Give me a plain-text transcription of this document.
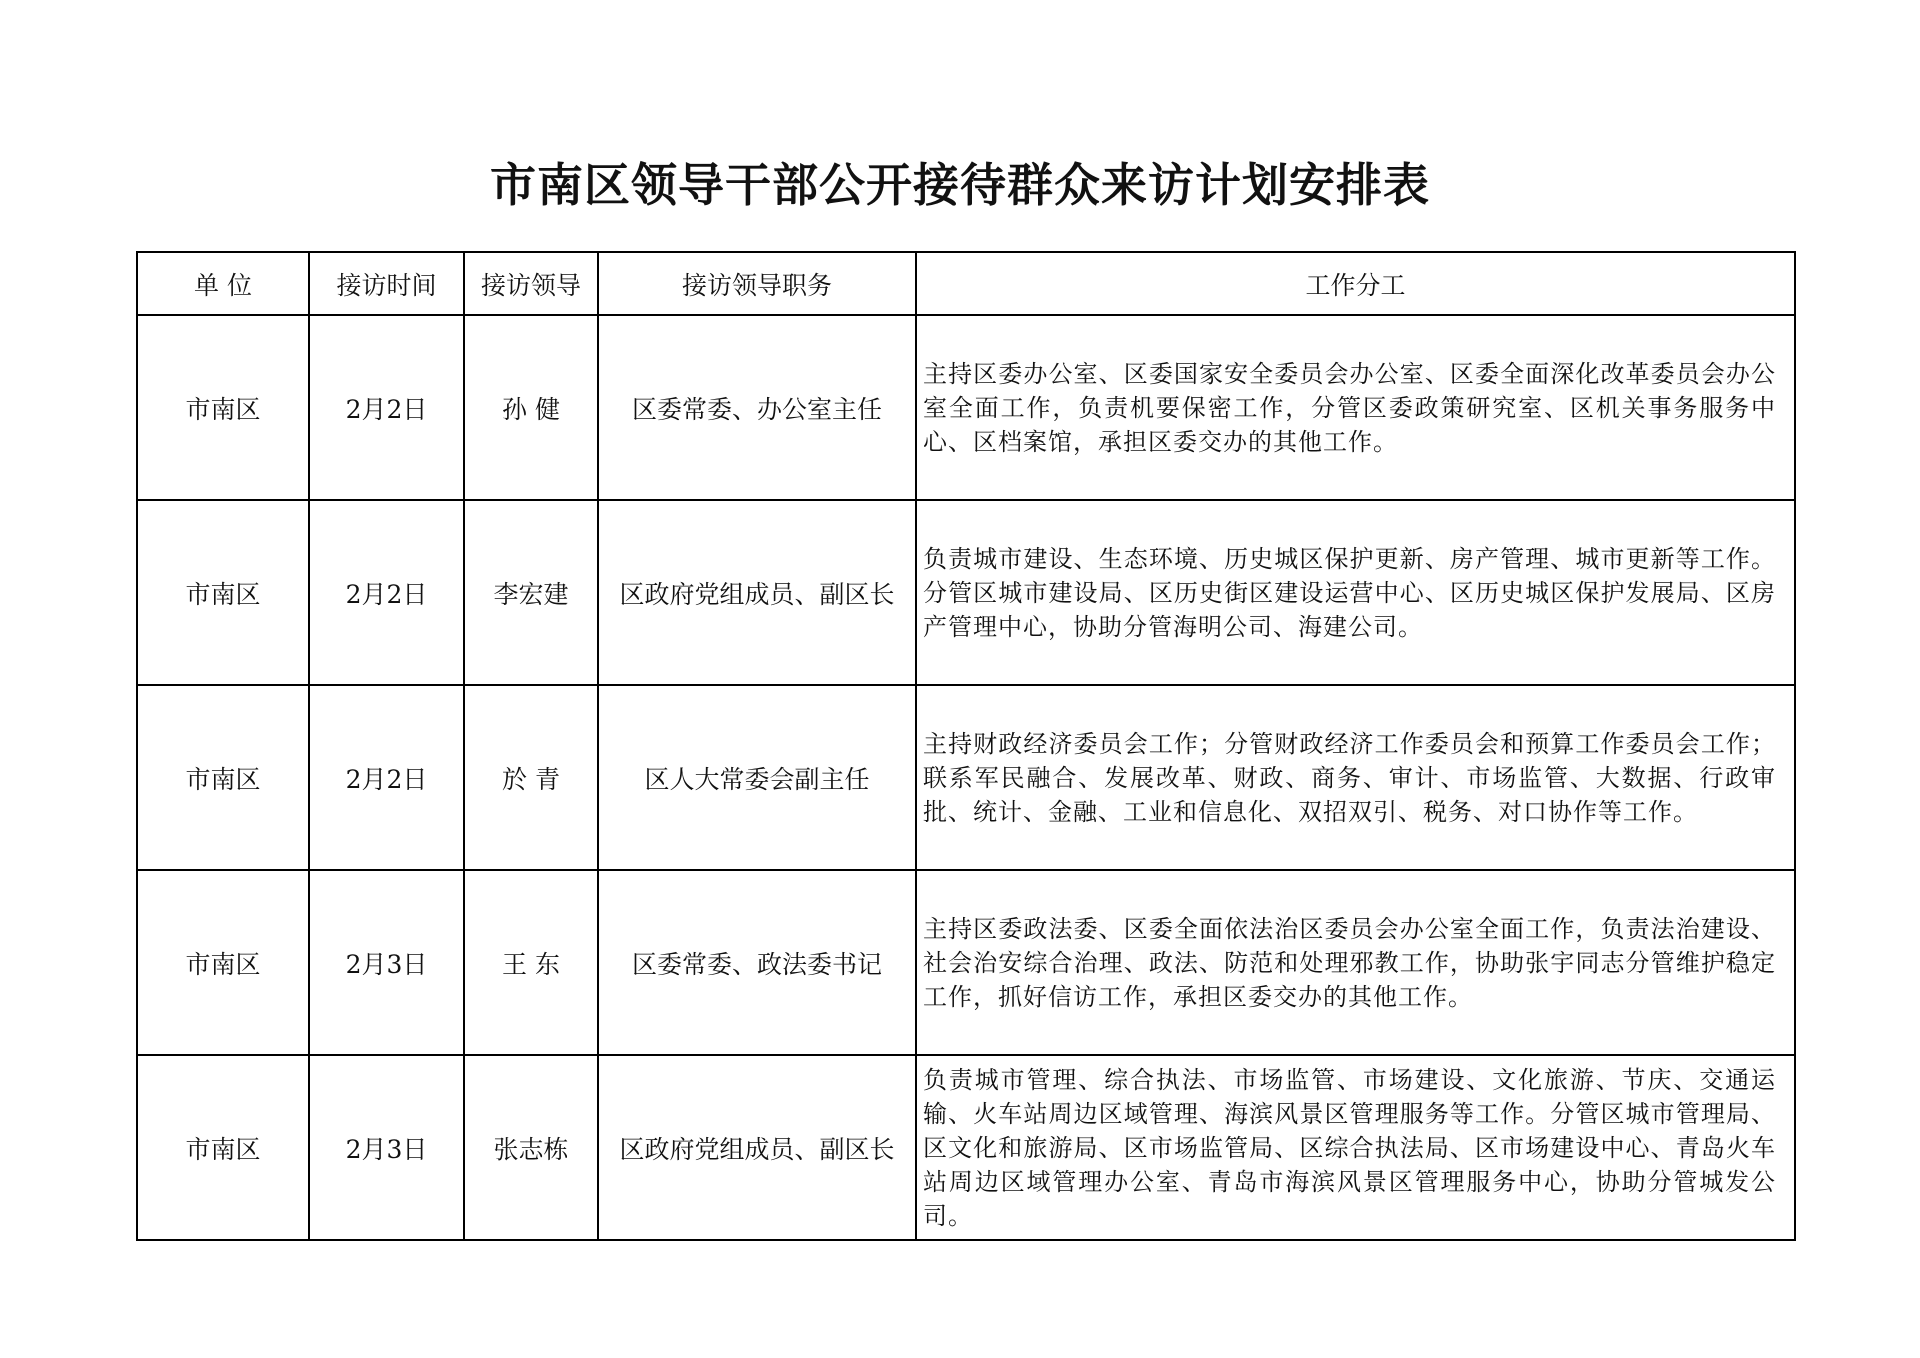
市南区领导干部公开接待群众来访计划安排表
单 位	接访时间	接访领导	接访领导职务	工作分工
市南区	2月2日	孙 健	区委常委、办公室主任	主持区委办公室、区委国家安全委员会办公室、区委全面深化改革委员会办公室全面工作，负责机要保密工作，分管区委政策研究室、区机关事务服务中心、区档案馆，承担区委交办的其他工作。
市南区	2月2日	李宏建	区政府党组成员、副区长	负责城市建设、生态环境、历史城区保护更新、房产管理、城市更新等工作。分管区城市建设局、区历史街区建设运营中心、区历史城区保护发展局、区房产管理中心，协助分管海明公司、海建公司。
市南区	2月2日	於 青	区人大常委会副主任	主持财政经济委员会工作；分管财政经济工作委员会和预算工作委员会工作；联系军民融合、发展改革、财政、商务、审计、市场监管、大数据、行政审批、统计、金融、工业和信息化、双招双引、税务、对口协作等工作。
市南区	2月3日	王 东	区委常委、政法委书记	主持区委政法委、区委全面依法治区委员会办公室全面工作，负责法治建设、社会治安综合治理、政法、防范和处理邪教工作，协助张宇同志分管维护稳定工作，抓好信访工作，承担区委交办的其他工作。
市南区	2月3日	张志栋	区政府党组成员、副区长	负责城市管理、综合执法、市场监管、市场建设、文化旅游、节庆、交通运输、火车站周边区域管理、海滨风景区管理服务等工作。分管区城市管理局、区文化和旅游局、区市场监管局、区综合执法局、区市场建设中心、青岛火车站周边区域管理办公室、青岛市海滨风景区管理服务中心，协助分管城发公司。
